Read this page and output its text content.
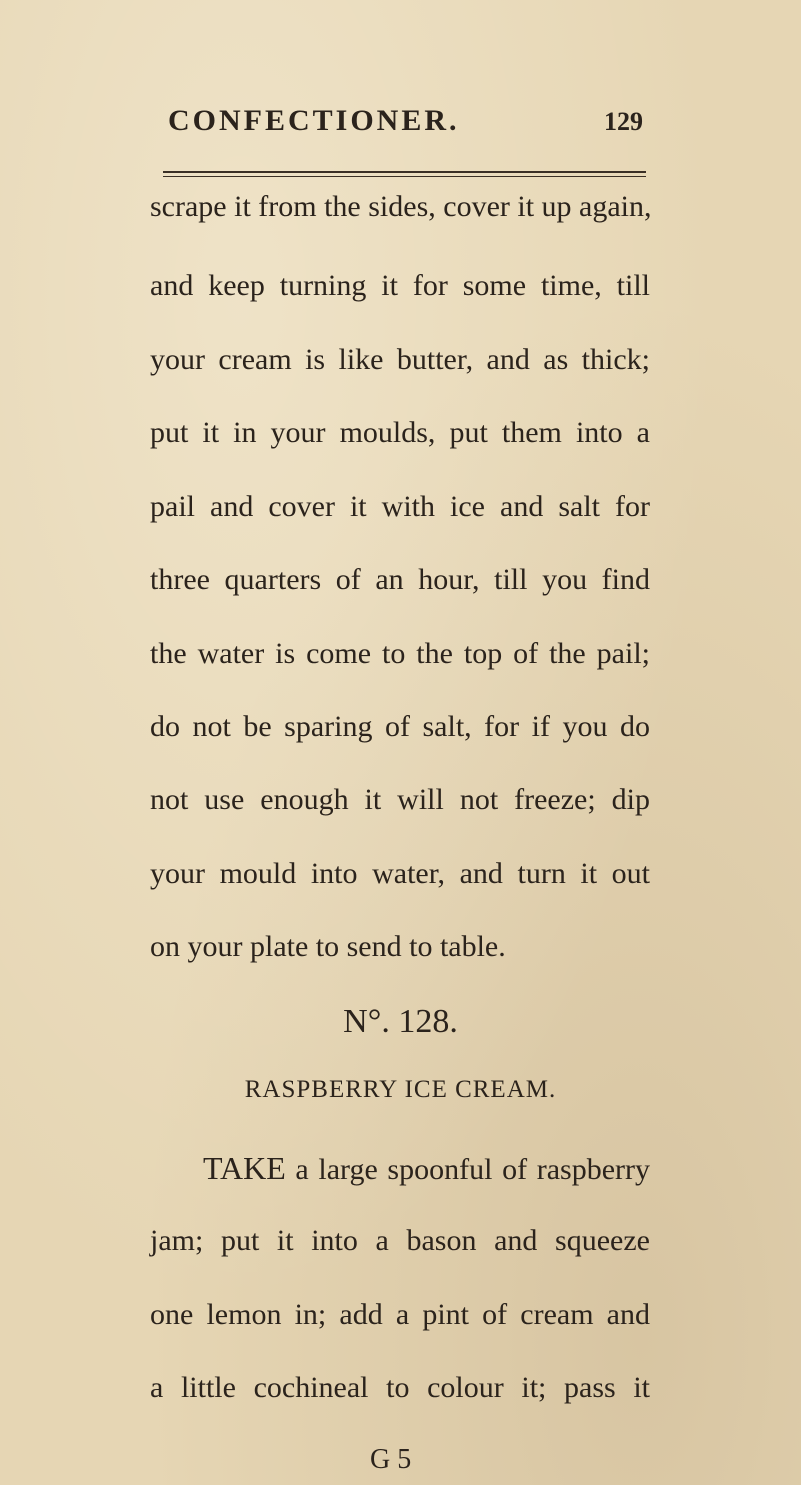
CONFECTIONER.	129
scrape it from the sides, cover it up again,
and keep turning it for some time, till
your cream is like butter, and as thick;
put it in your moulds, put them into a
pail and cover it with ice and salt for
three quarters of an hour, till you find
the water is come to the top of the pail;
do not be sparing of salt, for if you do
not use enough it will not freeze; dip
your mould into water, and turn it out
on your plate to send to table.
N°. 128.
RASPBERRY ICE CREAM.
TAKE a large spoonful of raspberry
jam; put it into a bason and squeeze
one lemon in; add a pint of cream and
a little cochineal to colour it; pass it
G 5
